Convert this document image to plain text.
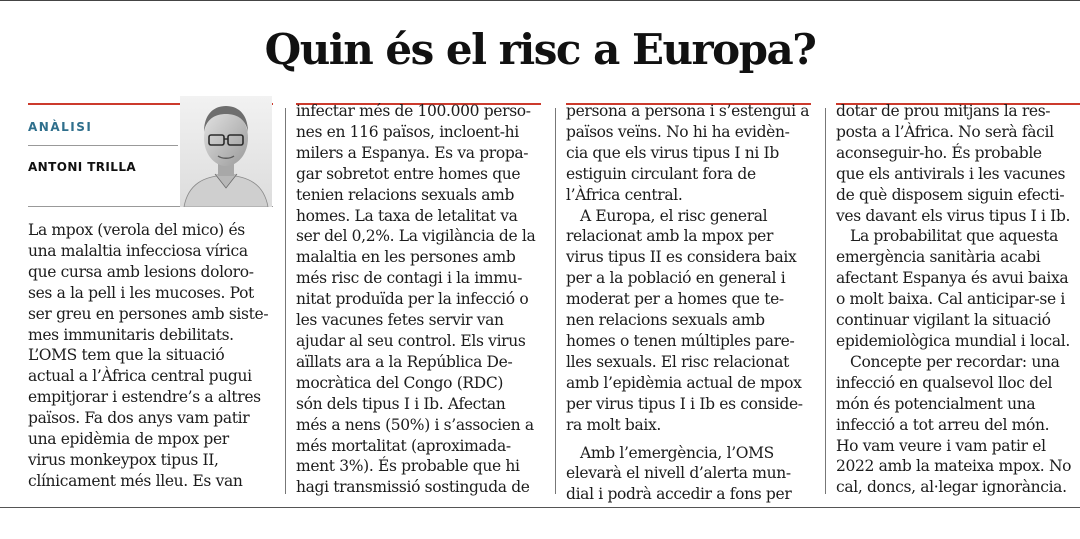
Quin és el risc a Europa?
ANÀLISI
ANTONI TRILLA
La mpox (verola del mico) és
una malaltia infecciosa vírica
que cursa amb lesions doloro-
ses a la pell i les mucoses. Pot
ser greu en persones amb siste-
mes immunitaris debilitats.
L’OMS tem que la situació
actual a l’Àfrica central pugui
empitjorar i estendre’s a altres
països. Fa dos anys vam patir
una epidèmia de mpox per
virus monkeypox tipus II,
clínicament més lleu. Es van
infectar més de 100.000 perso-
nes en 116 països, incloent-hi
milers a Espanya. Es va propa-
gar sobretot entre homes que
tenien relacions sexuals amb
homes. La taxa de letalitat va
ser del 0,2%. La vigilància de la
malaltia en les persones amb
més risc de contagi i la immu-
nitat produïda per la infecció o
les vacunes fetes servir van
ajudar al seu control. Els virus
aïllats ara a la República De-
mocràtica del Congo (RDC)
són dels tipus I i Ib. Afectan
més a nens (50%) i s’associen a
més mortalitat (aproximada-
ment 3%). És probable que hi
hagi transmissió sostinguda de
persona a persona i s’estengui a
països veïns. No hi ha evidèn-
cia que els virus tipus I ni Ib
estiguin circulant fora de
l’Àfrica central.
A Europa, el risc general
relacionat amb la mpox per
virus tipus II es considera baix
per a la població en general i
moderat per a homes que te-
nen relacions sexuals amb
homes o tenen múltiples pare-
lles sexuals. El risc relacionat
amb l’epidèmia actual de mpox
per virus tipus I i Ib es conside-
ra molt baix.
Amb l’emergència, l’OMS
elevarà el nivell d’alerta mun-
dial i podrà accedir a fons per
dotar de prou mitjans la res-
posta a l’Àfrica. No serà fàcil
aconseguir-ho. És probable
que els antivirals i les vacunes
de què disposem siguin efecti-
ves davant els virus tipus I i Ib.
La probabilitat que aquesta
emergència sanitària acabi
afectant Espanya és avui baixa
o molt baixa. Cal anticipar-se i
continuar vigilant la situació
epidemiològica mundial i local.
Concepte per recordar: una
infecció en qualsevol lloc del
món és potencialment una
infecció a tot arreu del món.
Ho vam veure i vam patir el
2022 amb la mateixa mpox. No
cal, doncs, al·legar ignorància.
